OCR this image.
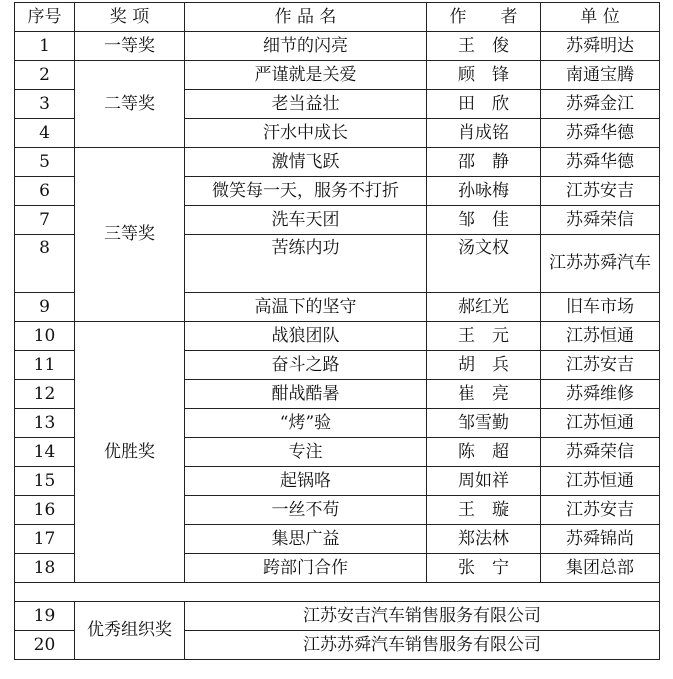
序号	奖 项	作 品 名	作　　者	单 位
1	一等奖	细节的闪亮	王　俊	苏舜明达
2	二等奖	严谨就是关爱	顾　锋	南通宝腾
3		老当益壮	田　欣	苏舜金江
4		汗水中成长	肖成铭	苏舜华德
5	三等奖	激情飞跃	邵　静	苏舜华德
6		微笑每一天，服务不打折	孙咏梅	江苏安吉
7		洗车天团	邹　佳	苏舜荣信
8		苦练内功	汤文权	江苏苏舜汽车
9		高温下的坚守	郝红光	旧车市场
10	优胜奖	战狼团队	王　元	江苏恒通
11		奋斗之路	胡　兵	江苏安吉
12		酣战酷暑	崔　亮	苏舜维修
13		“烤”验	邹雪勤	江苏恒通
14		专注	陈　超	苏舜荣信
15		起锅咯	周如祥	江苏恒通
16		一丝不苟	王　璇	江苏安吉
17		集思广益	郑法林	苏舜锦尚
18		跨部门合作	张　宁	集团总部

19	优秀组织奖	江苏安吉汽车销售服务有限公司		
20		江苏苏舜汽车销售服务有限公司		
